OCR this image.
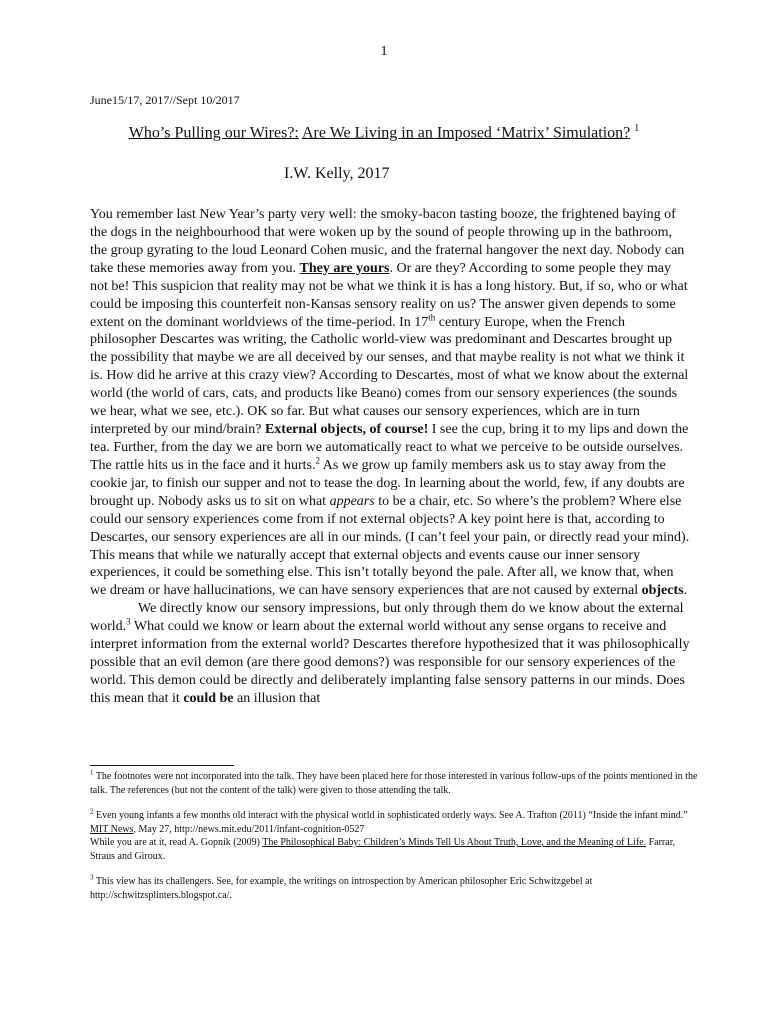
1
June15/17, 2017//Sept 10/2017
Who’s Pulling our Wires?: Are We Living in an Imposed ‘Matrix’ Simulation? $^1$
I.W. Kelly, 2017

You remember last New Year’s party very well: the smoky-bacon tasting booze, the frightened baying of the dogs in the neighbourhood that were woken up by the sound of people throwing up in the bathroom, the group gyrating to the loud Leonard Cohen music, and the fraternal hangover the next day. Nobody can take these memories away from you. They are yours. Or are they? According to some people they may not be! This suspicion that reality may not be what we think it is has a long history. But, if so, who or what could be imposing this counterfeit non-Kansas sensory reality on us? The answer given depends to some extent on the dominant worldviews of the time-period. In 17th century Europe, when the French philosopher Descartes was writing, the Catholic world-view was predominant and Descartes brought up the possibility that maybe we are all deceived by our senses, and that maybe reality is not what we think it is. How did he arrive at this crazy view? According to Descartes, most of what we know about the external world (the world of cars, cats, and products like Beano) comes from our sensory experiences (the sounds we hear, what we see, etc.). OK so far. But what causes our sensory experiences, which are in turn interpreted by our mind/brain? External objects, of course! I see the cup, bring it to my lips and down the tea. Further, from the day we are born we automatically react to what we perceive to be outside ourselves. The rattle hits us in the face and it hurts.$^2$ As we grow up family members ask us to stay away from the cookie jar, to finish our supper and not to tease the dog. In learning about the world, few, if any doubts are brought up. Nobody asks us to sit on what appears to be a chair, etc. So where’s the problem? Where else could our sensory experiences come from if not external objects? A key point here is that, according to Descartes, our sensory experiences are all in our minds. (I can’t feel your pain, or directly read your mind). This means that while we naturally accept that external objects and events cause our inner sensory experiences, it could be something else. This isn’t totally beyond the pale. After all, we know that, when we dream or have hallucinations, we can have sensory experiences that are not caused by external objects.

We directly know our sensory impressions, but only through them do we know about the external world.$^3$ What could we know or learn about the external world without any sense organs to receive and interpret information from the external world? Descartes therefore hypothesized that it was philosophically possible that an evil demon (are there good demons?) was responsible for our sensory experiences of the world. This demon could be directly and deliberately implanting false sensory patterns in our minds. Does this mean that it could be an illusion that

$^1$ The footnotes were not incorporated into the talk. They have been placed here for those interested in various follow-ups of the points mentioned in the talk. The references (but not the content of the talk) were given to those attending the talk.

$^2$ Even young infants a few months old interact with the physical world in sophisticated orderly ways. See A. Trafton (2011) “Inside the infant mind.” MIT News, May 27, http://news.mit.edu/2011/infant-cognition-0527
While you are at it, read A. Gopnik (2009) The Philosophical Baby: Children’s Minds Tell Us About Truth, Love, and the Meaning of Life. Farrar, Straus and Giroux.

$^3$ This view has its challengers. See, for example, the writings on introspection by American philosopher Eric Schwitzgebel at http://schwitzsplinters.blogspot.ca/.
